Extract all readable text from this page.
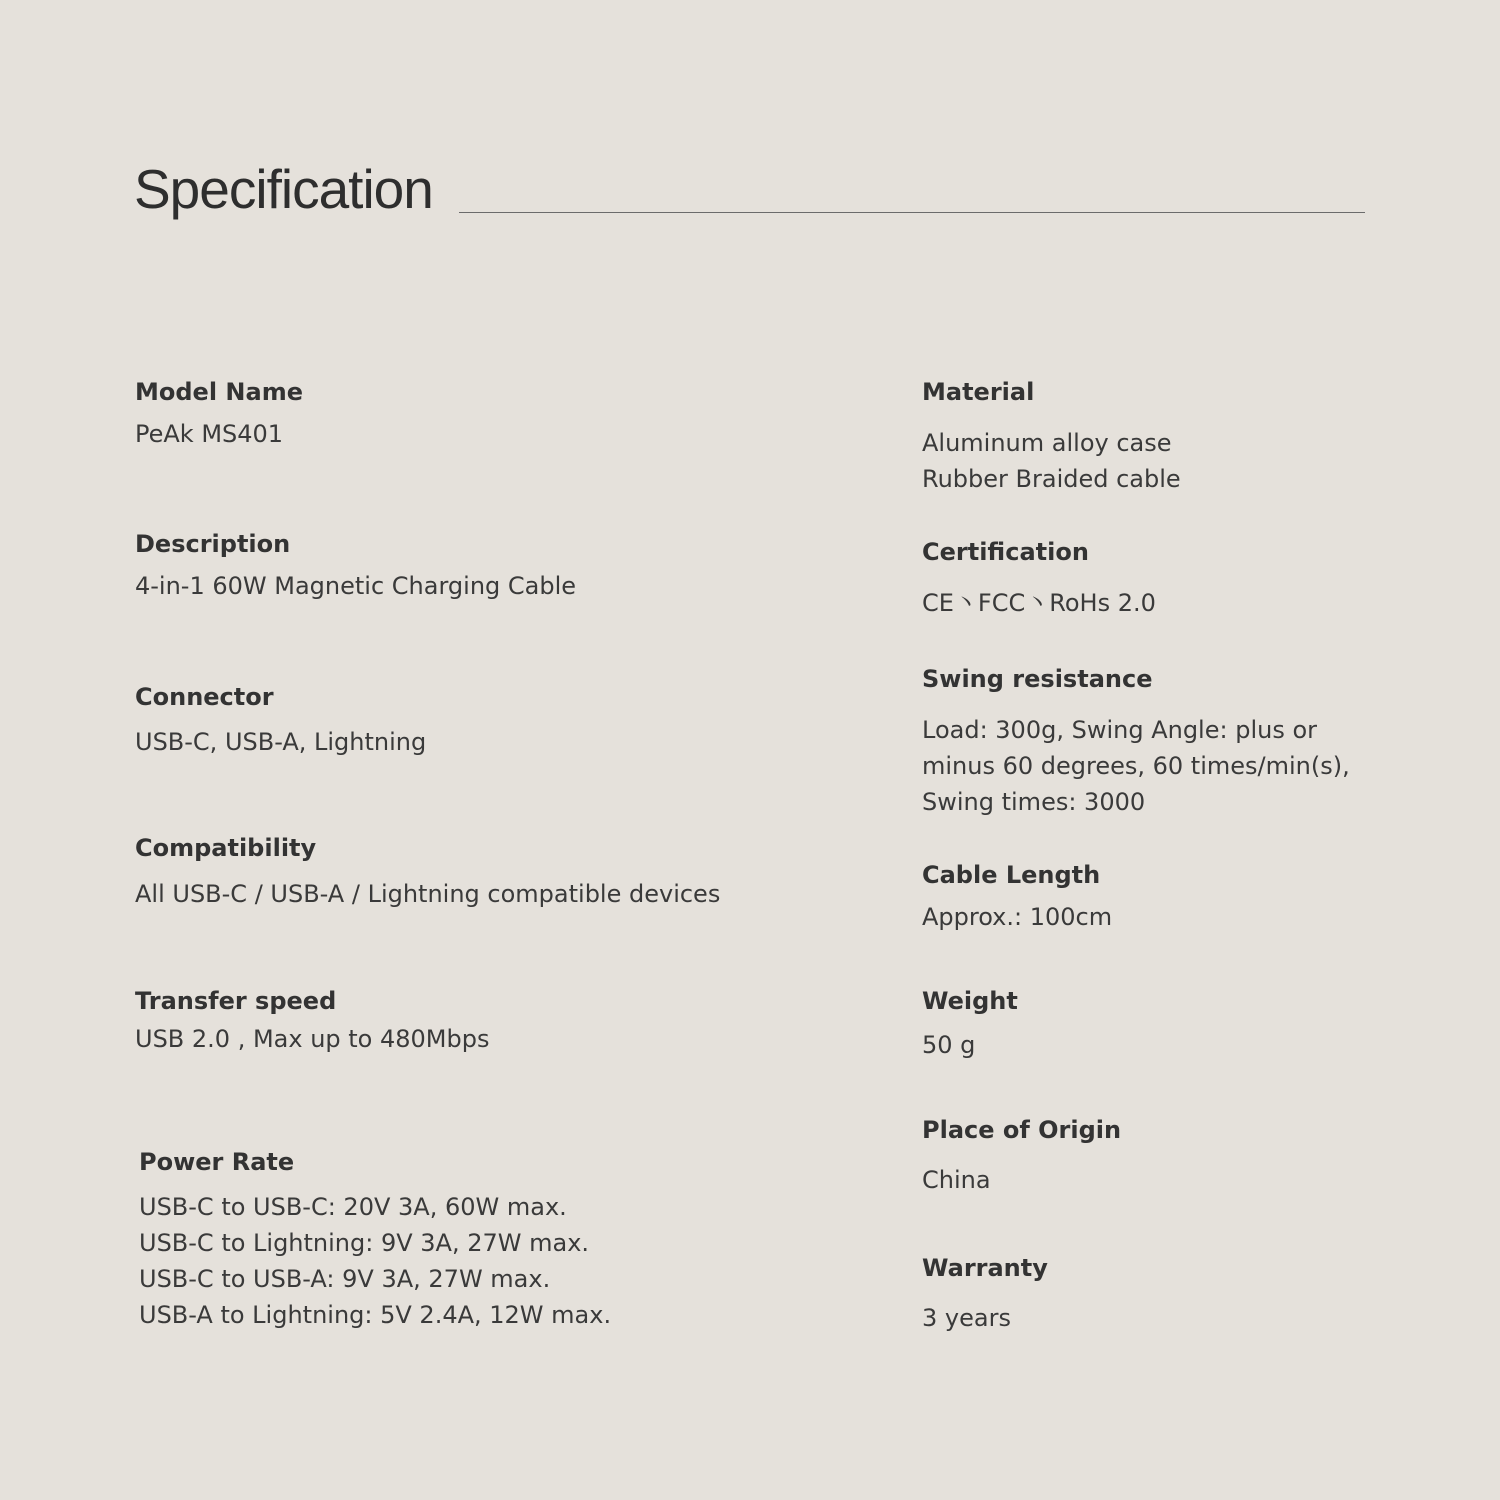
Specification
Model Name
PeAk MS401
Description
4-in-1 60W Magnetic Charging Cable
Connector
USB-C, USB-A, Lightning
Compatibility
All USB-C / USB-A / Lightning compatible devices
Transfer speed
USB 2.0 , Max up to 480Mbps
Power Rate
USB-C to USB-C: 20V 3A, 60W max.
USB-C to Lightning: 9V 3A, 27W max.
USB-C to USB-A: 9V 3A, 27W max.
USB-A to Lightning: 5V 2.4A, 12W max.
Material
Aluminum alloy case
Rubber Braided cable
Certification
CE丶FCC丶RoHs 2.0
Swing resistance
Load: 300g, Swing Angle: plus or
minus 60 degrees, 60 times/min(s),
Swing times: 3000
Cable Length
Approx.: 100cm
Weight
50 g
Place of Origin
China
Warranty
3 years
